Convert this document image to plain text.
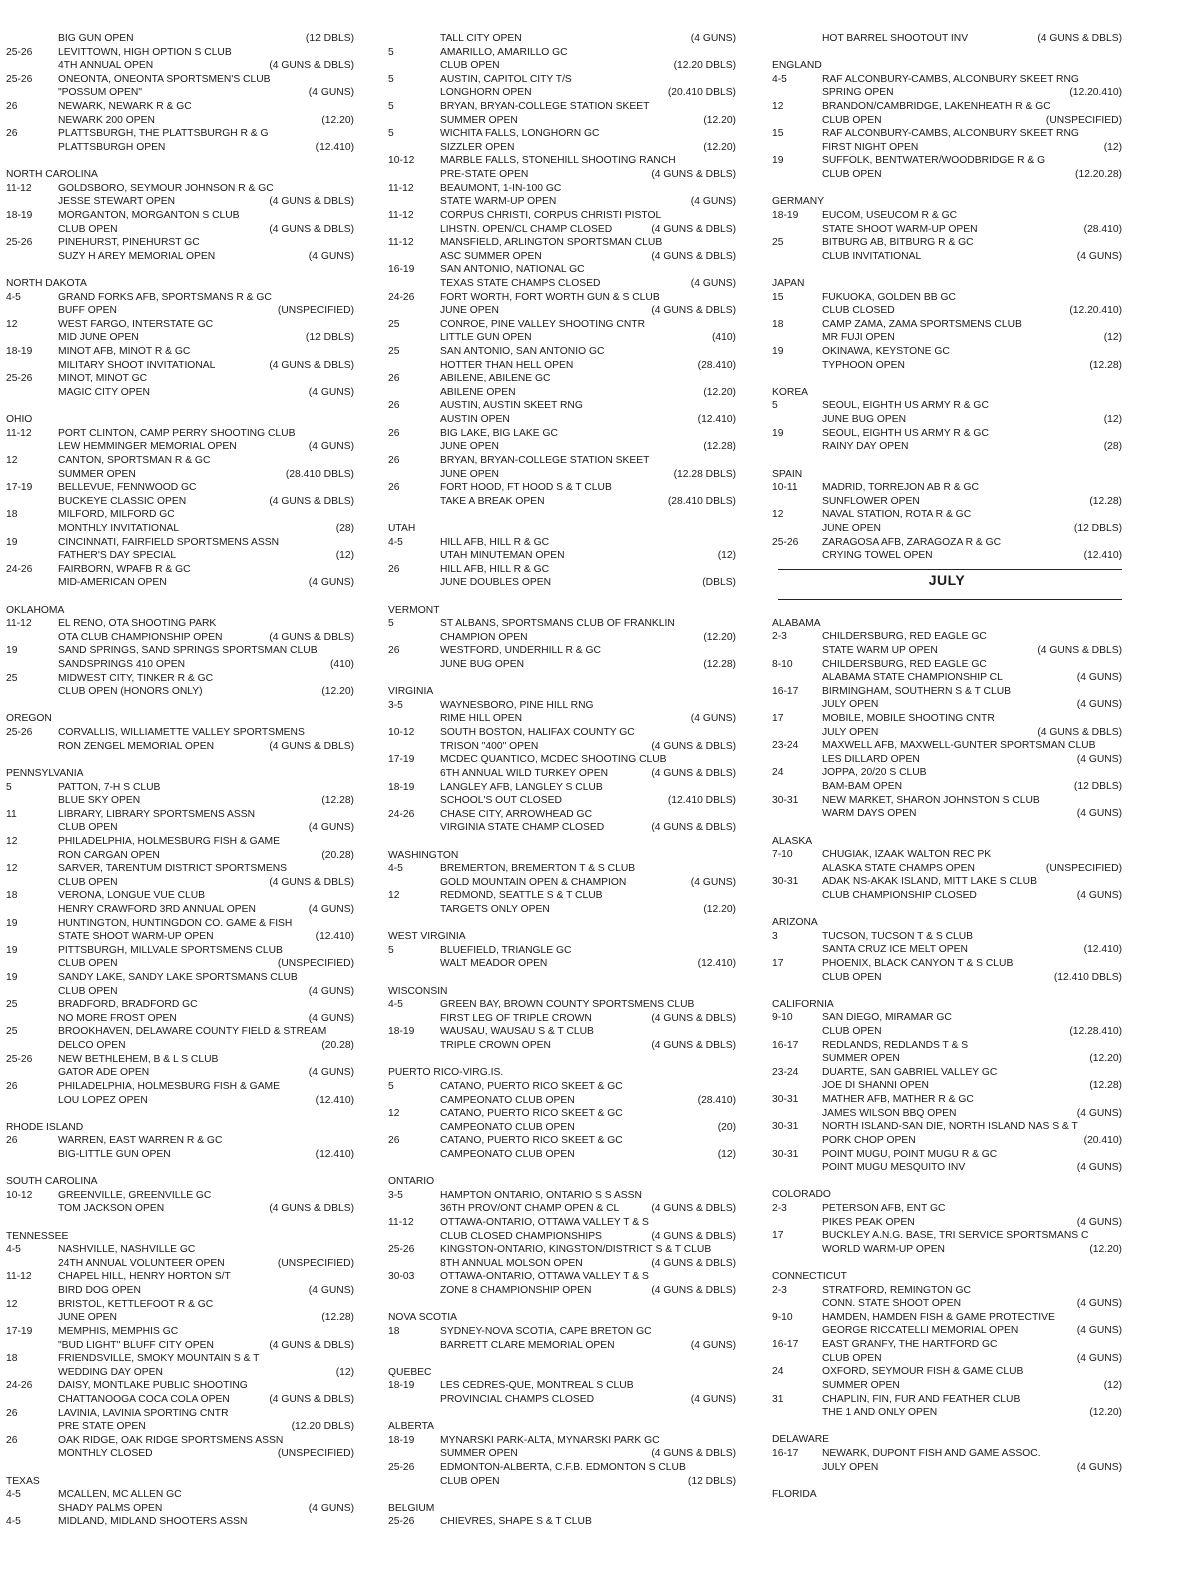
BIG GUN OPEN	(12 DBLS)
25-26 LEVITTOWN, HIGH OPTION S CLUB
4TH ANNUAL OPEN	(4 GUNS & DBLS)
25-26 ONEONTA, ONEONTA SPORTSMEN'S CLUB
"POSSUM OPEN"	(4 GUNS)
26	NEWARK, NEWARK R & GC
NEWARK 200 OPEN	(12.20)
26	PLATTSBURGH, THE PLATTSBURGH R & G
PLATTSBURGH OPEN	(12.410)
NORTH CAROLINA
11-12	GOLDSBORO, SEYMOUR JOHNSON R & GC
JESSE STEWART OPEN	(4 GUNS & DBLS)
18-19 MORGANTON, MORGANTON S CLUB
CLUB OPEN	(4 GUNS & DBLS)
25-26 PINEHURST, PINEHURST GC
SUZY H AREY MEMORIAL OPEN	(4 GUNS)
NORTH DAKOTA
4-5	GRAND FORKS AFB, SPORTSMANS R & GC
BUFF OPEN	(UNSPECIFIED)
12	WEST FARGO, INTERSTATE GC
MID JUNE OPEN	(12 DBLS)
18-19 MINOT AFB, MINOT R & GC
MILITARY SHOOT INVITATIONAL	(4 GUNS & DBLS)
25-26 MINOT, MINOT GC
MAGIC CITY OPEN	(4 GUNS)
OHIO
11-12	PORT CLINTON, CAMP PERRY SHOOTING CLUB
LEW HEMMINGER MEMORIAL OPEN	(4 GUNS)
12	CANTON, SPORTSMAN R & GC
SUMMER OPEN	(28.410 DBLS)
17-19 BELLEVUE, FENNWOOD GC
BUCKEYE CLASSIC OPEN	(4 GUNS & DBLS)
18	MILFORD, MILFORD GC
MONTHLY INVITATIONAL	(28)
19	CINCINNATI, FAIRFIELD SPORTSMENS ASSN
FATHER'S DAY SPECIAL	(12)
24-26 FAIRBORN, WPAFB R & GC
MID-AMERICAN OPEN	(4 GUNS)
OKLAHOMA
11-12	EL RENO, OTA SHOOTING PARK
OTA CLUB CHAMPIONSHIP OPEN	(4 GUNS & DBLS)
19	SAND SPRINGS, SAND SPRINGS SPORTSMAN CLUB
SANDSPRINGS 410 OPEN	(410)
25	MIDWEST CITY, TINKER R & GC
CLUB OPEN (HONORS ONLY)	(12.20)
OREGON
25-26 CORVALLIS, WILLIAMETTE VALLEY SPORTSMENS
RON ZENGEL MEMORIAL OPEN	(4 GUNS & DBLS)
PENNSYLVANIA
5	PATTON, 7-H S CLUB
BLUE SKY OPEN	(12.28)
11	LIBRARY, LIBRARY SPORTSMENS ASSN
CLUB OPEN	(4 GUNS)
12	PHILADELPHIA, HOLMESBURG FISH & GAME
RON CARGAN OPEN	(20.28)
12	SARVER, TARENTUM DISTRICT SPORTSMENS
CLUB OPEN	(4 GUNS & DBLS)
18	VERONA, LONGUE VUE CLUB
HENRY CRAWFORD 3RD ANNUAL OPEN	(4 GUNS)
19	HUNTINGTON, HUNTINGDON CO. GAME & FISH
STATE SHOOT WARM-UP OPEN	(12.410)
19	PITTSBURGH, MILLVALE SPORTSMENS CLUB
CLUB OPEN	(UNSPECIFIED)
19	SANDY LAKE, SANDY LAKE SPORTSMANS CLUB
CLUB OPEN	(4 GUNS)
25	BRADFORD, BRADFORD GC
NO MORE FROST OPEN	(4 GUNS)
25	BROOKHAVEN, DELAWARE COUNTY FIELD & STREAM
DELCO OPEN	(20.28)
25-26 NEW BETHLEHEM, B & L S CLUB
GATOR ADE OPEN	(4 GUNS)
26	PHILADELPHIA, HOLMESBURG FISH & GAME
LOU LOPEZ OPEN	(12.410)
RHODE ISLAND
26	WARREN, EAST WARREN R & GC
BIG-LITTLE GUN OPEN	(12.410)
SOUTH CAROLINA
10-12 GREENVILLE, GREENVILLE GC
TOM JACKSON OPEN	(4 GUNS & DBLS)
TENNESSEE
4-5	NASHVILLE, NASHVILLE GC
24TH ANNUAL VOLUNTEER OPEN	(UNSPECIFIED)
11-12	CHAPEL HILL, HENRY HORTON S/T
BIRD DOG OPEN	(4 GUNS)
12	BRISTOL, KETTLEFOOT R & GC
JUNE OPEN	(12.28)
17-19 MEMPHIS, MEMPHIS GC
"BUD LIGHT" BLUFF CITY OPEN	(4 GUNS & DBLS)
18	FRIENDSVILLE, SMOKY MOUNTAIN S & T
WEDDING DAY OPEN	(12)
24-26 DAISY, MONTLAKE PUBLIC SHOOTING
CHATTANOOGA COCA COLA OPEN	(4 GUNS & DBLS)
26	LAVINIA, LAVINIA SPORTING CNTR
PRE STATE OPEN	(12.20 DBLS)
26	OAK RIDGE, OAK RIDGE SPORTSMENS ASSN
MONTHLY CLOSED	(UNSPECIFIED)
TEXAS
4-5	MCALLEN, MC ALLEN GC
SHADY PALMS OPEN	(4 GUNS)
4-5	MIDLAND, MIDLAND SHOOTERS ASSN
TALL CITY OPEN	(4 GUNS)
5	AMARILLO, AMARILLO GC
CLUB OPEN	(12.20 DBLS)
5	AUSTIN, CAPITOL CITY T/S
LONGHORN OPEN	(20.410 DBLS)
5	BRYAN, BRYAN-COLLEGE STATION SKEET
SUMMER OPEN	(12.20)
5	WICHITA FALLS, LONGHORN GC
SIZZLER OPEN	(12.20)
10-12 MARBLE FALLS, STONEHILL SHOOTING RANCH
PRE-STATE OPEN	(4 GUNS & DBLS)
11-12	BEAUMONT, 1-IN-100 GC
STATE WARM-UP OPEN	(4 GUNS)
11-12	CORPUS CHRISTI, CORPUS CHRISTI PISTOL
LIHSTN. OPEN/CL CHAMP CLOSED	(4 GUNS & DBLS)
11-12	MANSFIELD, ARLINGTON SPORTSMAN CLUB
ASC SUMMER OPEN	(4 GUNS & DBLS)
16-19 SAN ANTONIO, NATIONAL GC
TEXAS STATE CHAMPS CLOSED	(4 GUNS)
24-26 FORT WORTH, FORT WORTH GUN & S CLUB
JUNE OPEN	(4 GUNS & DBLS)
25	CONROE, PINE VALLEY SHOOTING CNTR
LITTLE GUN OPEN	(410)
25	SAN ANTONIO, SAN ANTONIO GC
HOTTER THAN HELL OPEN	(28.410)
26	ABILENE, ABILENE GC
ABILENE OPEN	(12.20)
26	AUSTIN, AUSTIN SKEET RNG
AUSTIN OPEN	(12.410)
26	BIG LAKE, BIG LAKE GC
JUNE OPEN	(12.28)
26	BRYAN, BRYAN-COLLEGE STATION SKEET
JUNE OPEN	(12.28 DBLS)
26	FORT HOOD, FT HOOD S & T CLUB
TAKE A BREAK OPEN	(28.410 DBLS)
UTAH
4-5	HILL AFB, HILL R & GC
UTAH MINUTEMAN OPEN	(12)
26	HILL AFB, HILL R & GC
JUNE DOUBLES OPEN	(DBLS)
VERMONT
5	ST ALBANS, SPORTSMANS CLUB OF FRANKLIN
CHAMPION OPEN	(12.20)
26	WESTFORD, UNDERHILL R & GC
JUNE BUG OPEN	(12.28)
VIRGINIA
3-5	WAYNESBORO, PINE HILL RNG
RIME HILL OPEN	(4 GUNS)
10-12 SOUTH BOSTON, HALIFAX COUNTY GC
TRISON "400" OPEN	(4 GUNS & DBLS)
17-19 MCDEC QUANTICO, MCDEC SHOOTING CLUB
6TH ANNUAL WILD TURKEY OPEN	(4 GUNS & DBLS)
18-19 LANGLEY AFB, LANGLEY S CLUB
SCHOOL'S OUT CLOSED	(12.410 DBLS)
24-26 CHASE CITY, ARROWHEAD GC
VIRGINIA STATE CHAMP CLOSED	(4 GUNS & DBLS)
WASHINGTON
4-5	BREMERTON, BREMERTON T & S CLUB
GOLD MOUNTAIN OPEN & CHAMPION	(4 GUNS)
12	REDMOND, SEATTLE S & T CLUB
TARGETS ONLY OPEN	(12.20)
WEST VIRGINIA
5	BLUEFIELD, TRIANGLE GC
WALT MEADOR OPEN	(12.410)
WISCONSIN
4-5	GREEN BAY, BROWN COUNTY SPORTSMENS CLUB
FIRST LEG OF TRIPLE CROWN	(4 GUNS & DBLS)
18-19 WAUSAU, WAUSAU S & T CLUB
TRIPLE CROWN OPEN	(4 GUNS & DBLS)
PUERTO RICO-VIRG.IS.
5	CATANO, PUERTO RICO SKEET & GC
CAMPEONATO CLUB OPEN	(28.410)
12	CATANO, PUERTO RICO SKEET & GC
CAMPEONATO CLUB OPEN	(20)
26	CATANO, PUERTO RICO SKEET & GC
CAMPEONATO CLUB OPEN	(12)
ONTARIO
3-5	HAMPTON ONTARIO, ONTARIO S S ASSN
36TH PROV/ONT CHAMP OPEN & CL	(4 GUNS & DBLS)
11-12	OTTAWA-ONTARIO, OTTAWA VALLEY T & S
CLUB CLOSED CHAMPIONSHIPS	(4 GUNS & DBLS)
25-26 KINGSTON-ONTARIO, KINGSTON/DISTRICT S & T CLUB
8TH ANNUAL MOLSON OPEN	(4 GUNS & DBLS)
30-03 OTTAWA-ONTARIO, OTTAWA VALLEY T & S
ZONE 8 CHAMPIONSHIP OPEN	(4 GUNS & DBLS)
NOVA SCOTIA
18	SYDNEY-NOVA SCOTIA, CAPE BRETON GC
BARRETT CLARE MEMORIAL OPEN	(4 GUNS)
QUEBEC
18-19 LES CEDRES-QUE, MONTREAL S CLUB
PROVINCIAL CHAMPS CLOSED	(4 GUNS)
ALBERTA
18-19 MYNARSKI PARK-ALTA, MYNARSKI PARK GC
SUMMER OPEN	(4 GUNS & DBLS)
25-26 EDMONTON-ALBERTA, C.F.B. EDMONTON S CLUB
CLUB OPEN	(12 DBLS)
BELGIUM
25-26 CHIEVRES, SHAPE S & T CLUB
HOT BARREL SHOOTOUT INV	(4 GUNS & DBLS)
ENGLAND
4-5	RAF ALCONBURY-CAMBS, ALCONBURY SKEET RNG
SPRING OPEN	(12.20.410)
12	BRANDON/CAMBRIDGE, LAKENHEATH R & GC
CLUB OPEN	(UNSPECIFIED)
15	RAF ALCONBURY-CAMBS, ALCONBURY SKEET RNG
FIRST NIGHT OPEN	(12)
19	SUFFOLK, BENTWATER/WOODBRIDGE R & G
CLUB OPEN	(12.20.28)
GERMANY
18-19 EUCOM, USEUCOM R & GC
STATE SHOOT WARM-UP OPEN	(28.410)
25	BITBURG AB, BITBURG R & GC
CLUB INVITATIONAL	(4 GUNS)
JAPAN
15	FUKUOKA, GOLDEN BB GC
CLUB CLOSED	(12.20.410)
18	CAMP ZAMA, ZAMA SPORTSMENS CLUB
MR FUJI OPEN	(12)
19	OKINAWA, KEYSTONE GC
TYPHOON OPEN	(12.28)
KOREA
5	SEOUL, EIGHTH US ARMY R & GC
JUNE BUG OPEN	(12)
19	SEOUL, EIGHTH US ARMY R & GC
RAINY DAY OPEN	(28)
SPAIN
10-11 MADRID, TORREJON AB R & GC
SUNFLOWER OPEN	(12.28)
12	NAVAL STATION, ROTA R & GC
JUNE OPEN	(12 DBLS)
25-26 ZARAGOSA AFB, ZARAGOZA R & GC
CRYING TOWEL OPEN	(12.410)
JULY
ALABAMA
2-3	CHILDERSBURG, RED EAGLE GC
STATE WARM UP OPEN	(4 GUNS & DBLS)
8-10	CHILDERSBURG, RED EAGLE GC
ALABAMA STATE CHAMPIONSHIP CL	(4 GUNS)
16-17 BIRMINGHAM, SOUTHERN S & T CLUB
JULY OPEN	(4 GUNS)
17	MOBILE, MOBILE SHOOTING CNTR
JULY OPEN	(4 GUNS & DBLS)
23-24 MAXWELL AFB, MAXWELL-GUNTER SPORTSMAN CLUB
LES DILLARD OPEN	(4 GUNS)
24	JOPPA, 20/20 S CLUB
BAM-BAM OPEN	(12 DBLS)
30-31 NEW MARKET, SHARON JOHNSTON S CLUB
WARM DAYS OPEN	(4 GUNS)
ALASKA
7-10	CHUGIAK, IZAAK WALTON REC PK
ALASKA STATE CHAMPS OPEN	(UNSPECIFIED)
30-31 ADAK NS-AKAK ISLAND, MITT LAKE S CLUB
CLUB CHAMPIONSHIP CLOSED	(4 GUNS)
ARIZONA
3	TUCSON, TUCSON T & S CLUB
SANTA CRUZ ICE MELT OPEN	(12.410)
17	PHOENIX, BLACK CANYON T & S CLUB
CLUB OPEN	(12.410 DBLS)
CALIFORNIA
9-10	SAN DIEGO, MIRAMAR GC
CLUB OPEN	(12.28.410)
16-17 REDLANDS, REDLANDS T & S
SUMMER OPEN	(12.20)
23-24 DUARTE, SAN GABRIEL VALLEY GC
JOE DI SHANNI OPEN	(12.28)
30-31 MATHER AFB, MATHER R & GC
JAMES WILSON BBQ OPEN	(4 GUNS)
30-31 NORTH ISLAND-SAN DIE, NORTH ISLAND NAS S & T
PORK CHOP OPEN	(20.410)
30-31 POINT MUGU, POINT MUGU R & GC
POINT MUGU MESQUITO INV	(4 GUNS)
COLORADO
2-3	PETERSON AFB, ENT GC
PIKES PEAK OPEN	(4 GUNS)
17	BUCKLEY A.N.G. BASE, TRI SERVICE SPORTSMANS C
WORLD WARM-UP OPEN	(12.20)
CONNECTICUT
2-3	STRATFORD, REMINGTON GC
CONN. STATE SHOOT OPEN	(4 GUNS)
9-10	HAMDEN, HAMDEN FISH & GAME PROTECTIVE
GEORGE RICCATELLI MEMORIAL OPEN	(4 GUNS)
16-17 EAST GRANFY, THE HARTFORD GC
CLUB OPEN	(4 GUNS)
24	OXFORD, SEYMOUR FISH & GAME CLUB
SUMMER OPEN	(12)
31	CHAPLIN, FIN, FUR AND FEATHER CLUB
THE 1 AND ONLY OPEN	(12.20)
DELAWARE
16-17 NEWARK, DUPONT FISH AND GAME ASSOC.
JULY OPEN	(4 GUNS)
FLORIDA
